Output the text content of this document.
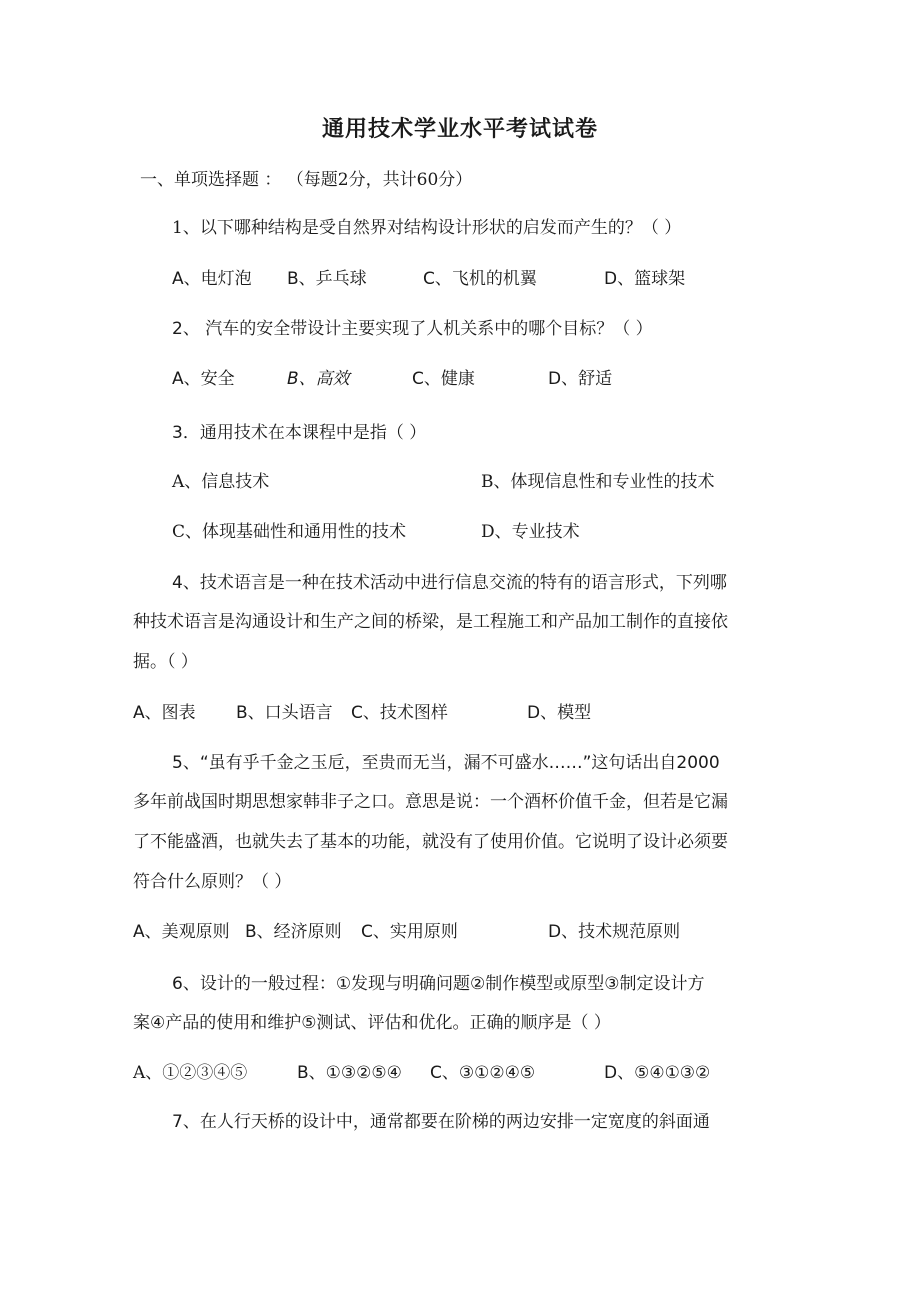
通用技术学业水平考试试卷
一、单项选择题 ： （每题2分，共计60分）
1、以下哪种结构是受自然界对结构设计形状的启发而产生的？（ ）
A、电灯泡 B、乒乓球	C、飞机的机翼	D、篮球架
2、 汽车的安全带设计主要实现了人机关系中的哪个目标？（ ）
A、安全	B、高效	C、健康	D、舒适
3．通用技术在本课程中是指（ ）
A、信息技术	B、体现信息性和专业性的技术
C、体现基础性和通用性的技术	D、专业技术
4、技术语言是一种在技术活动中进行信息交流的特有的语言形式，下列哪
种技术语言是沟通设计和生产之间的桥梁，是工程施工和产品加工制作的直接依
据。（ ）
A、图表 B、口头语言 C、技术图样	D、模型
5、“虽有乎千金之玉卮，至贵而无当，漏不可盛水……”这句话出自2000
多年前战国时期思想家韩非子之口。意思是说：一个酒杯价值千金，但若是它漏
了不能盛酒，也就失去了基本的功能，就没有了使用价值。它说明了设计必须要
符合什么原则？（ ）
A、美观原则 B、经济原则 C、实用原则	D、技术规范原则
6、设计的一般过程：①发现与明确问题②制作模型或原型③制定设计方
案④产品的使用和维护⑤测试、评估和优化。正确的顺序是（ ）
A、①②③④⑤	B、①③②⑤④ C、③①②④⑤	D、⑤④①③②
7、在人行天桥的设计中，通常都要在阶梯的两边安排一定宽度的斜面通
